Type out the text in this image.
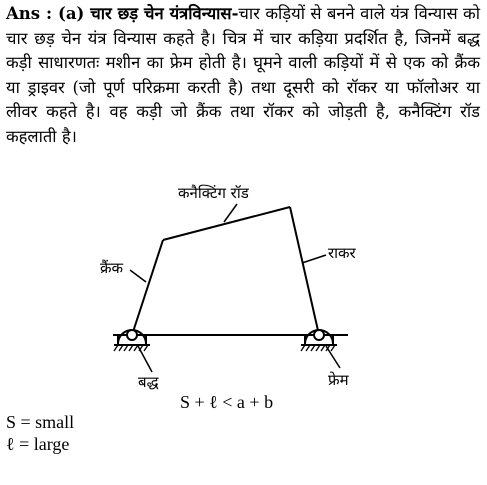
Ans : (a) चार छड़ चेन यंत्रविन्यास-चार कड़ियों से बनने वाले यंत्र विन्यास को चार छड़ चेन यंत्र विन्यास कहते है। चित्र में चार कड़िया प्रदर्शित है, जिनमें बद्ध कड़ी साधारणतः मशीन का फ्रेम होती है। घूमने वाली कड़ियों में से एक को क्रैंक या ड्राइवर (जो पूर्ण परिक्रमा करती है) तथा दूसरी को रॉकर या फॉलोअर या लीवर कहते है। वह कड़ी जो क्रैंक तथा रॉकर को जोड़ती है, कनैक्टिंग रॉड कहलाती है।
कनैक्टिंग रॉड
क्रैंक
राकर
बद्ध	फ्रेम
S + ℓ < a + b
S = small
ℓ = large
